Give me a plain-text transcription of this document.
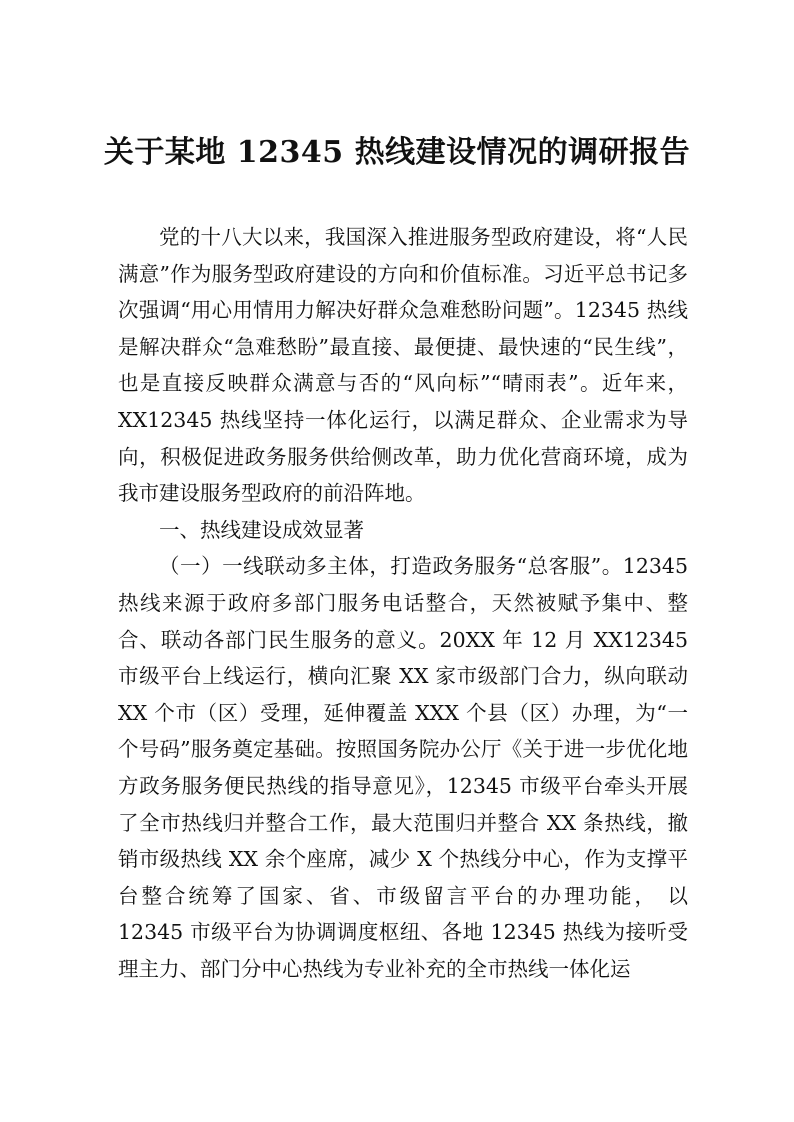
关于某地 12345 热线建设情况的调研报告

党的十八大以来，我国深入推进服务型政府建设，将“人民满意”作为服务型政府建设的方向和价值标准。习近平总书记多次强调“用心用情用力解决好群众急难愁盼问题”。12345 热线是解决群众“急难愁盼”最直接、最便捷、最快速的“民生线”，也是直接反映群众满意与否的“风向标”“晴雨表”。近年来，XX12345 热线坚持一体化运行，以满足群众、企业需求为导向，积极促进政务服务供给侧改革，助力优化营商环境，成为我市建设服务型政府的前沿阵地。

一、热线建设成效显著

（一）一线联动多主体，打造政务服务“总客服”。12345 热线来源于政府多部门服务电话整合，天然被赋予集中、整合、联动各部门民生服务的意义。20XX 年 12 月 XX12345 市级平台上线运行，横向汇聚 XX 家市级部门合力，纵向联动 XX 个市（区）受理，延伸覆盖 XXX 个县（区）办理，为“一个号码”服务奠定基础。按照国务院办公厅《关于进一步优化地方政务服务便民热线的指导意见》，12345 市级平台牵头开展了全市热线归并整合工作，最大范围归并整合 XX 条热线，撤销市级热线 XX 余个座席，减少 X 个热线分中心，作为支撑平台整合统筹了国家、省、市级留言平台的办理功能， 以 12345 市级平台为协调调度枢纽、各地 12345 热线为接听受理主力、部门分中心热线为专业补充的全市热线一体化运
